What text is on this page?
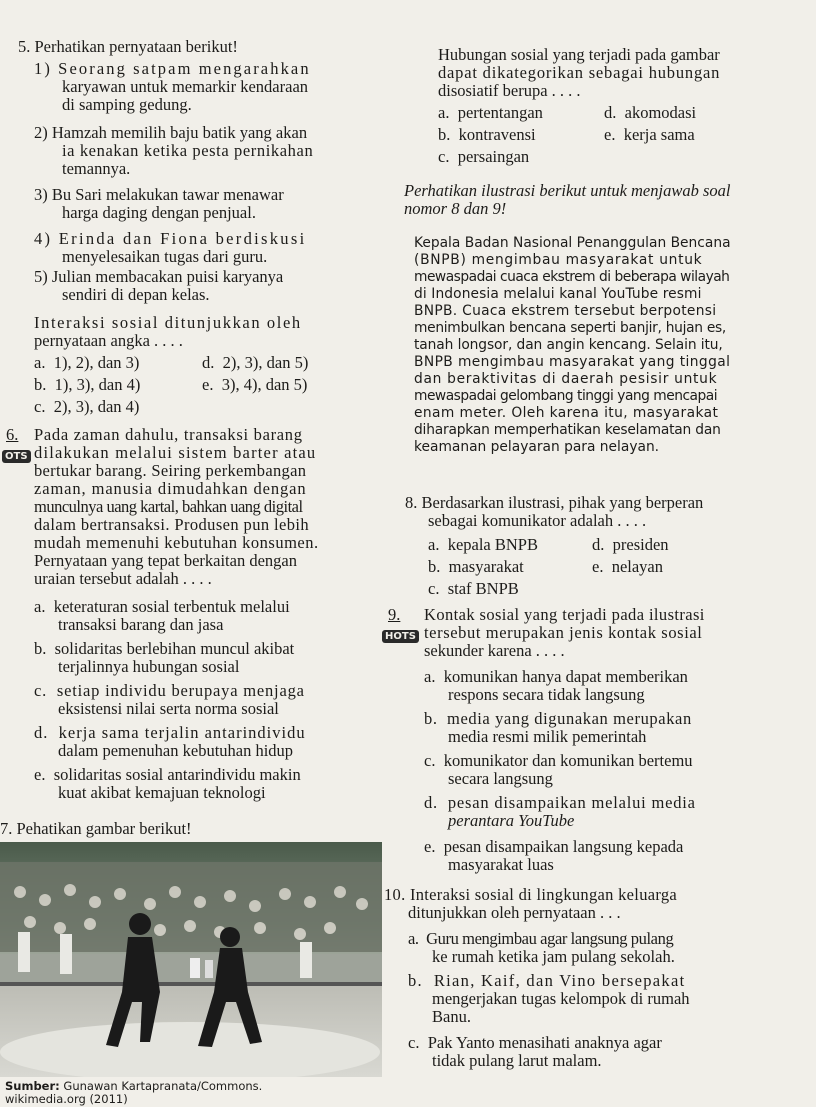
5. Perhatikan pernyataan berikut!
1) Seorang satpam mengarahkan
karyawan untuk memarkir kendaraan
di samping gedung.
2) Hamzah memilih baju batik yang akan
ia kenakan ketika pesta pernikahan
temannya.
3) Bu Sari melakukan tawar menawar
harga daging dengan penjual.
4) Erinda dan Fiona berdiskusi
menyelesaikan tugas dari guru.
5) Julian membacakan puisi karyanya
sendiri di depan kelas.
Interaksi sosial ditunjukkan oleh
pernyataan angka . . . .
a.  1), 2), dan 3)
b.  1), 3), dan 4)
c.  2), 3), dan 4)
d.  2), 3), dan 5)
e.  3), 4), dan 5)
6.
OTS
Pada zaman dahulu, transaksi barang
dilakukan melalui sistem barter atau
bertukar barang. Seiring perkembangan
zaman, manusia dimudahkan dengan
munculnya uang kartal, bahkan uang digital
dalam bertransaksi. Produsen pun lebih
mudah memenuhi kebutuhan konsumen.
Pernyataan yang tepat berkaitan dengan
uraian tersebut adalah . . . .
a. keteraturan sosial terbentuk melalui
transaksi barang dan jasa
b. solidaritas berlebihan muncul akibat
terjalinnya hubungan sosial
c. setiap individu berupaya menjaga
eksistensi nilai serta norma sosial
d. kerja sama terjalin antarindividu
dalam pemenuhan kebutuhan hidup
e. solidaritas sosial antarindividu makin
kuat akibat kemajuan teknologi
7. Pehatikan gambar berikut!
Sumber: Gunawan Kartapranata/Commons.
wikimedia.org (2011)
Hubungan sosial yang terjadi pada gambar
dapat dikategorikan sebagai hubungan
disosiatif berupa . . . .
a.  pertentangan
b.  kontravensi
c.  persaingan
d.  akomodasi
e.  kerja sama
Perhatikan ilustrasi berikut untuk menjawab soal
nomor 8 dan 9!
Kepala Badan Nasional Penanggulan Bencana
(BNPB) mengimbau masyarakat untuk
mewaspadai cuaca ekstrem di beberapa wilayah
di Indonesia melalui kanal YouTube resmi
BNPB. Cuaca ekstrem tersebut berpotensi
menimbulkan bencana seperti banjir, hujan es,
tanah longsor, dan angin kencang. Selain itu,
BNPB mengimbau masyarakat yang tinggal
dan beraktivitas di daerah pesisir untuk
mewaspadai gelombang tinggi yang mencapai
enam meter. Oleh karena itu, masyarakat
diharapkan memperhatikan keselamatan dan
keamanan pelayaran para nelayan.
8. Berdasarkan ilustrasi, pihak yang berperan
sebagai komunikator adalah . . . .
a.  kepala BNPB
b.  masyarakat
c.  staf BNPB
d.  presiden
e.  nelayan
9.
HOTS
Kontak sosial yang terjadi pada ilustrasi
tersebut merupakan jenis kontak sosial
sekunder karena . . . .
a. komunikan hanya dapat memberikan
respons secara tidak langsung
b. media yang digunakan merupakan
media resmi milik pemerintah
c. komunikator dan komunikan bertemu
secara langsung
d. pesan disampaikan melalui media
perantara YouTube
e. pesan disampaikan langsung kepada
masyarakat luas
10. Interaksi sosial di lingkungan keluarga
ditunjukkan oleh pernyataan . . .
a. Guru mengimbau agar langsung pulang
ke rumah ketika jam pulang sekolah.
b. Rian, Kaif, dan Vino bersepakat
mengerjakan tugas kelompok di rumah
Banu.
c. Pak Yanto menasihati anaknya agar
tidak pulang larut malam.
